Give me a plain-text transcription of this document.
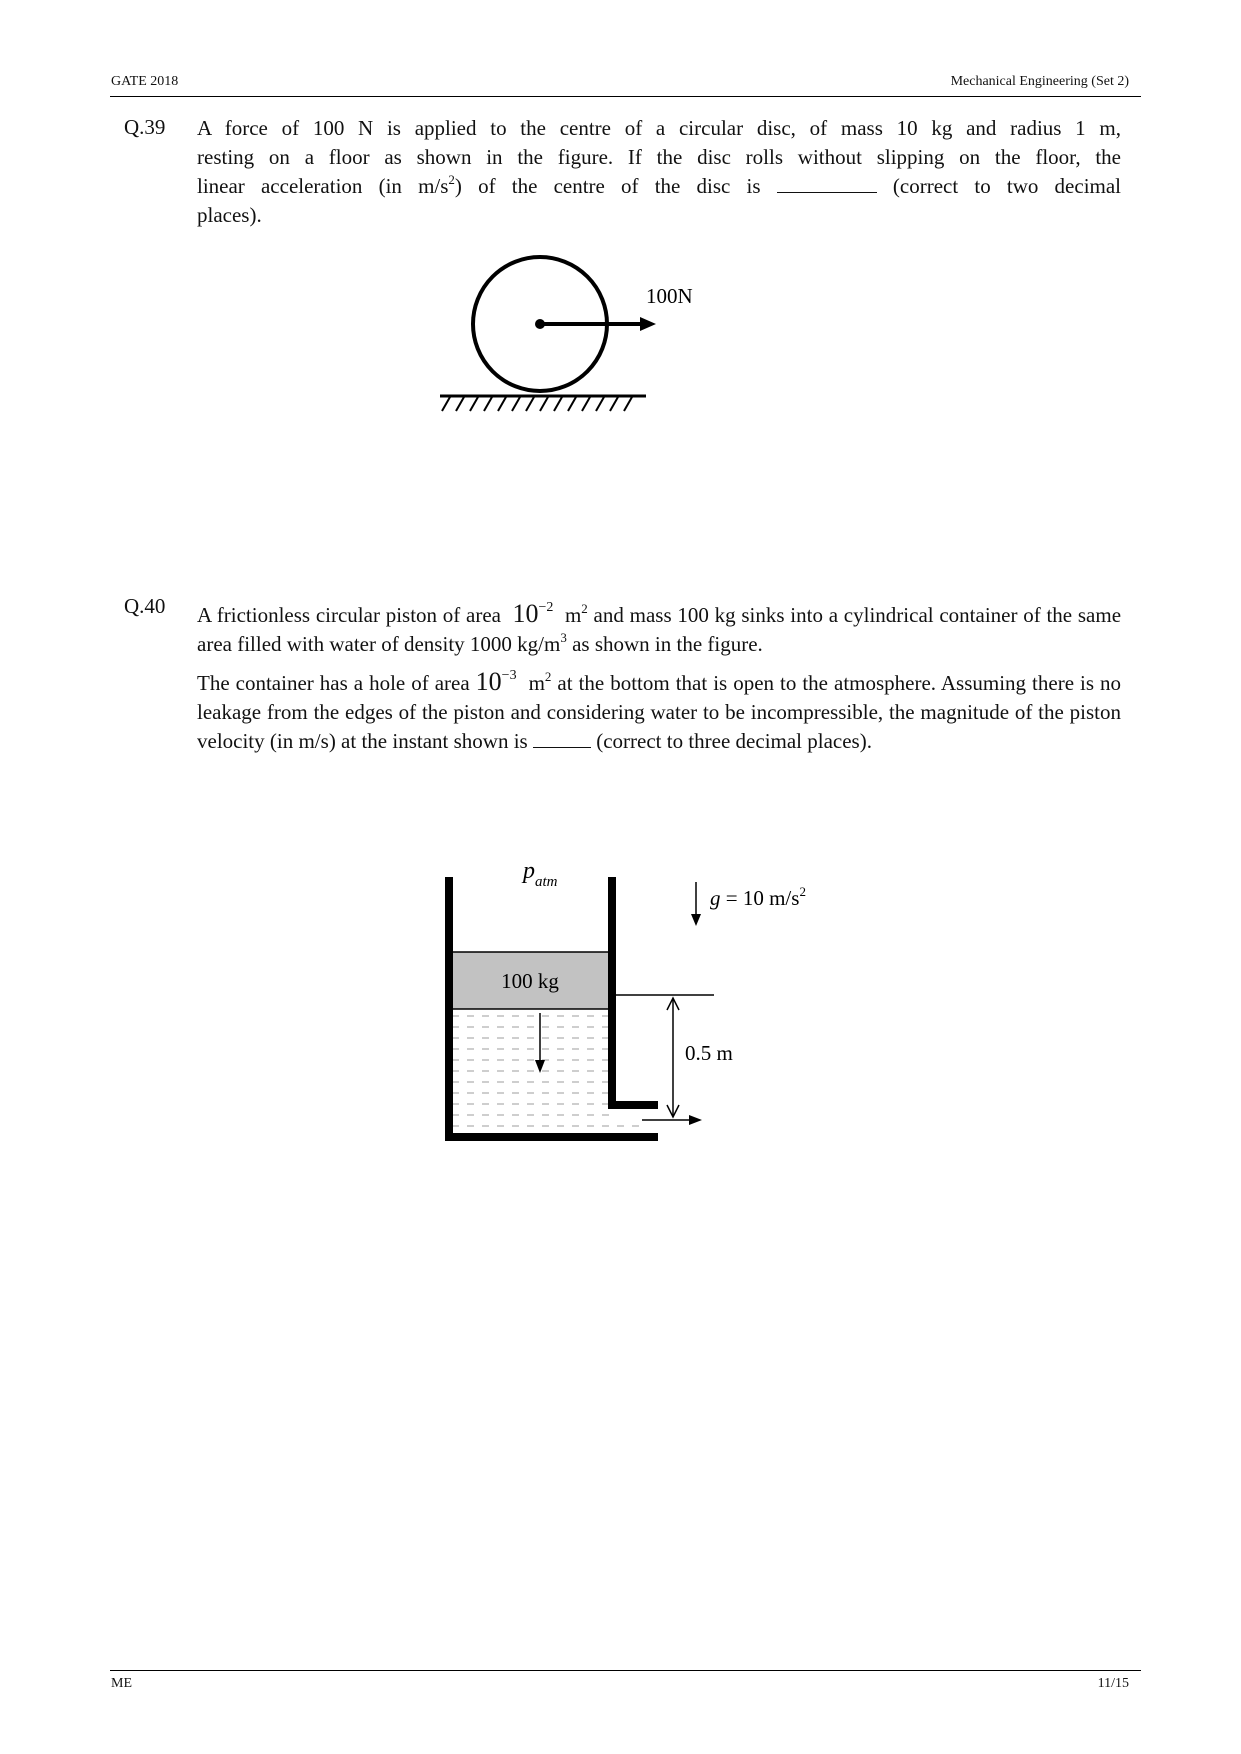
GATE 2018	Mechanical Engineering (Set 2)
Q.39 A force of 100 N is applied to the centre of a circular disc, of mass 10 kg and radius 1 m,
resting on a floor as shown in the figure. If the disc rolls without slipping on the floor, the
linear acceleration (in $m/s^2$) of the centre of the disc is	(correct to two decimal
places).
100N
Q.40 A frictionless circular piston of area $10^{-2}$ $m^2$ and mass 100 kg sinks into a cylindrical container of the same area filled with water of density 1000 $kg/m^3$ as shown in the figure.

The container has a hole of area $10^{-3}$ $m^2$ at the bottom that is open to the atmosphere. Assuming there is no leakage from the edges of the piston and considering water to be incompressible, the magnitude of the piston velocity (in m/s) at the instant shown is	(correct to three decimal places).

100 kg
0.5 m
$p_{atm}$
g = 10 $m/s^2$
ME	11/15
